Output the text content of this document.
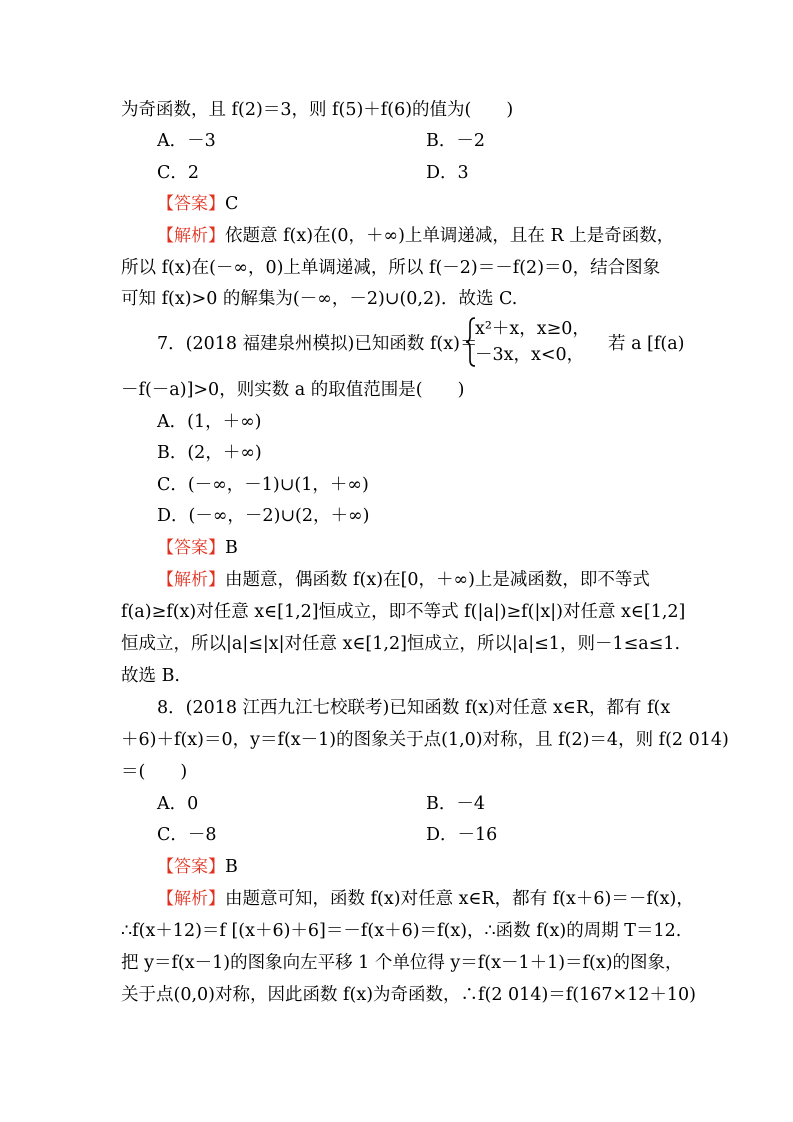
为奇函数，且 f(2)＝3，则 f(5)＋f(6)的值为(　　)
A．－3	B．－2
C．2	D．3
【答案】C
【解析】依题意 f(x)在(0，＋∞)上单调递减，且在 R 上是奇函数，
所以 f(x)在(－∞，0)上单调递减，所以 f(－2)＝－f(2)＝0，结合图象
可知 f(x)>0 的解集为(－∞，－2)∪(0,2)．故选 C.
7．(2018 福建泉州模拟)已知函数 f(x)＝
x²＋x，x≥0，
－3x，x<0，
若 a [f(a)
－f(－a)]>0，则实数 a 的取值范围是(　　)
A．(1，＋∞)
B．(2，＋∞)
C．(－∞，－1)∪(1，＋∞)
D．(－∞，－2)∪(2，＋∞)
【答案】B
【解析】由题意，偶函数 f(x)在[0，＋∞)上是减函数，即不等式
f(a)≥f(x)对任意 x∈[1,2]恒成立，即不等式 f(|a|)≥f(|x|)对任意 x∈[1,2]
恒成立，所以|a|≤|x|对任意 x∈[1,2]恒成立，所以|a|≤1，则－1≤a≤1.
故选 B.
8．(2018 江西九江七校联考)已知函数 f(x)对任意 x∈R，都有 f(x
＋6)＋f(x)＝0，y＝f(x－1)的图象关于点(1,0)对称，且 f(2)＝4，则 f(2 014)
＝(　　)
A．0	B．－4
C．－8	D．－16
【答案】B
【解析】由题意可知，函数 f(x)对任意 x∈R，都有 f(x＋6)＝－f(x)，
∴f(x＋12)＝f [(x＋6)＋6]＝－f(x＋6)＝f(x)，∴函数 f(x)的周期 T＝12.
把 y＝f(x－1)的图象向左平移 1 个单位得 y＝f(x－1＋1)＝f(x)的图象，
关于点(0,0)对称，因此函数 f(x)为奇函数，∴f(2 014)＝f(167×12＋10)
